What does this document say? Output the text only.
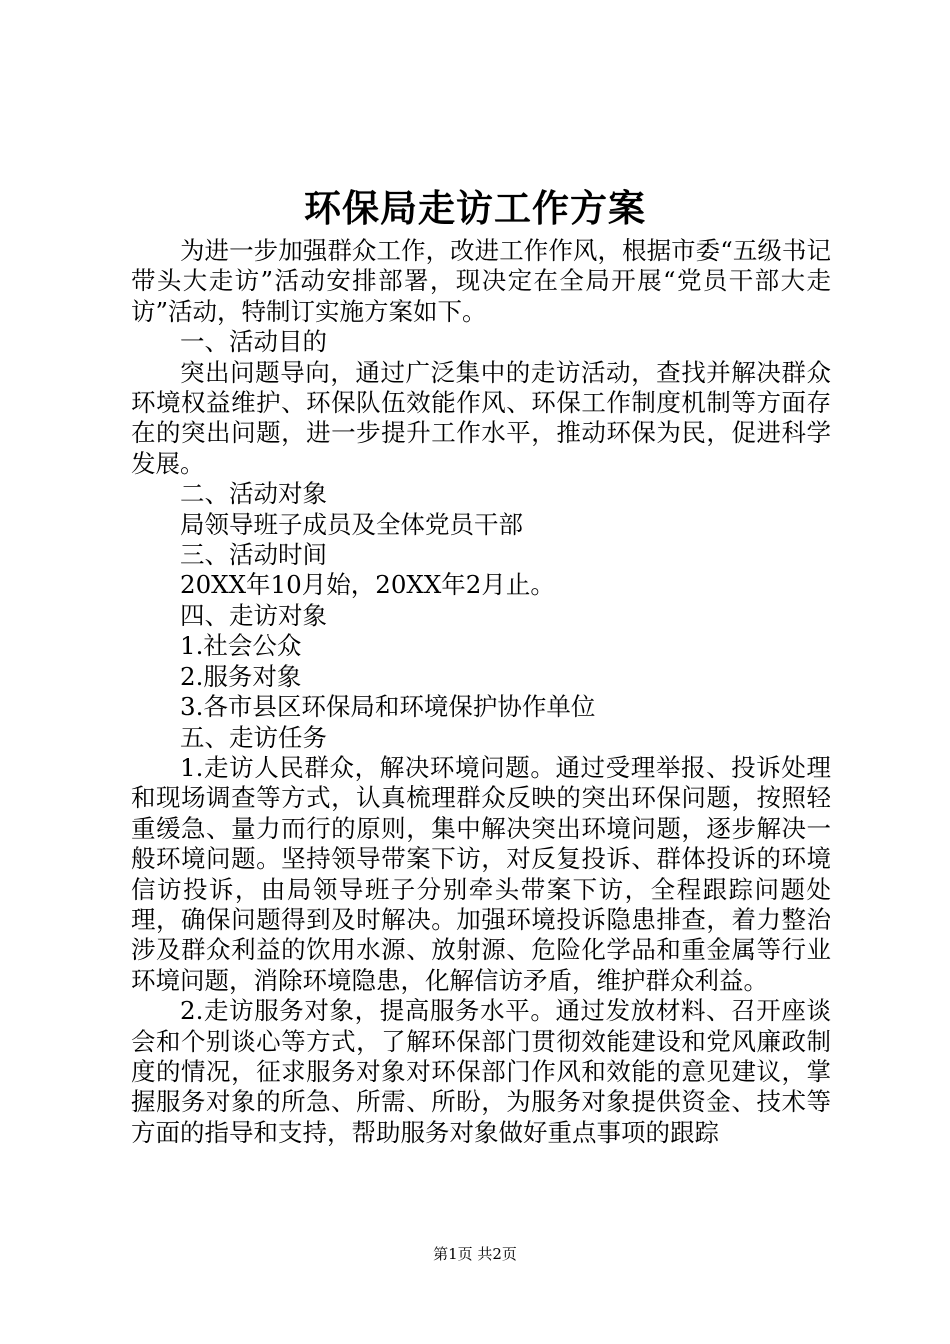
环保局走访工作方案

为进一步加强群众工作，改进工作作风，根据市委“五级书记带头大走访”活动安排部署，现决定在全局开展“党员干部大走访”活动，特制订实施方案如下。

一、活动目的

突出问题导向，通过广泛集中的走访活动，查找并解决群众环境权益维护、环保队伍效能作风、环保工作制度机制等方面存在的突出问题，进一步提升工作水平，推动环保为民，促进科学发展。

二、活动对象

局领导班子成员及全体党员干部

三、活动时间

20XX年10月始，20XX年2月止。

四、走访对象

1.社会公众

2.服务对象

3.各市县区环保局和环境保护协作单位

五、走访任务

1.走访人民群众，解决环境问题。通过受理举报、投诉处理和现场调查等方式，认真梳理群众反映的突出环保问题，按照轻重缓急、量力而行的原则，集中解决突出环境问题，逐步解决一般环境问题。坚持领导带案下访，对反复投诉、群体投诉的环境信访投诉，由局领导班子分别牵头带案下访，全程跟踪问题处理，确保问题得到及时解决。加强环境投诉隐患排查，着力整治涉及群众利益的饮用水源、放射源、危险化学品和重金属等行业环境问题，消除环境隐患，化解信访矛盾，维护群众利益。

2.走访服务对象，提高服务水平。通过发放材料、召开座谈会和个别谈心等方式，了解环保部门贯彻效能建设和党风廉政制度的情况，征求服务对象对环保部门作风和效能的意见建议，掌握服务对象的所急、所需、所盼，为服务对象提供资金、技术等方面的指导和支持，帮助服务对象做好重点事项的跟踪

第1页 共2页
